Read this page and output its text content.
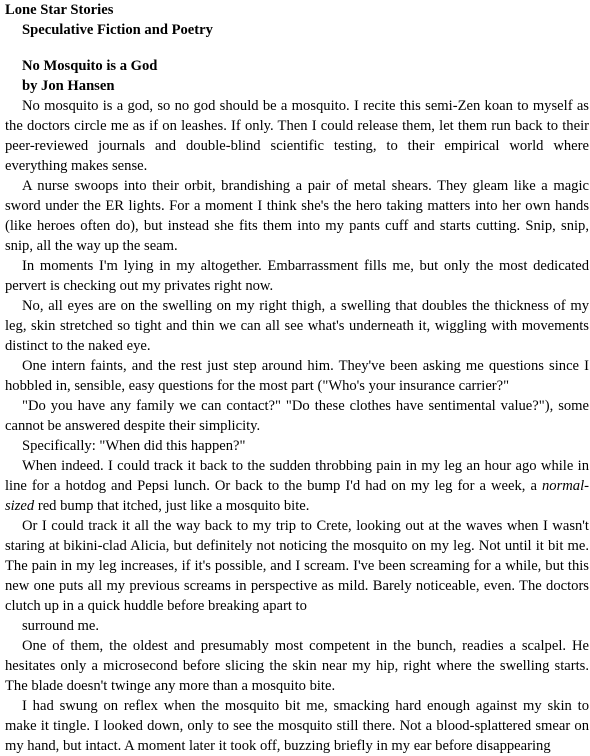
Lone Star Stories
Speculative Fiction and Poetry
No Mosquito is a God
by Jon Hansen

No mosquito is a god, so no god should be a mosquito. I recite this semi-Zen koan to myself as the doctors circle me as if on leashes. If only. Then I could release them, let them run back to their peer-reviewed journals and double-blind scientific testing, to their empirical world where everything makes sense.

A nurse swoops into their orbit, brandishing a pair of metal shears. They gleam like a magic sword under the ER lights. For a moment I think she's the hero taking matters into her own hands (like heroes often do), but instead she fits them into my pants cuff and starts cutting. Snip, snip, snip, all the way up the seam.

In moments I'm lying in my altogether. Embarrassment fills me, but only the most dedicated pervert is checking out my privates right now.

No, all eyes are on the swelling on my right thigh, a swelling that doubles the thickness of my leg, skin stretched so tight and thin we can all see what's underneath it, wiggling with movements distinct to the naked eye.

One intern faints, and the rest just step around him. They've been asking me questions since I hobbled in, sensible, easy questions for the most part ("Who's your insurance carrier?"

"Do you have any family we can contact?" "Do these clothes have sentimental value?"), some cannot be answered despite their simplicity.

Specifically: "When did this happen?"

When indeed. I could track it back to the sudden throbbing pain in my leg an hour ago while in line for a hotdog and Pepsi lunch. Or back to the bump I'd had on my leg for a week, a normal-sized red bump that itched, just like a mosquito bite.

Or I could track it all the way back to my trip to Crete, looking out at the waves when I wasn't staring at bikini-clad Alicia, but definitely not noticing the mosquito on my leg. Not until it bit me. The pain in my leg increases, if it's possible, and I scream. I've been screaming for a while, but this new one puts all my previous screams in perspective as mild. Barely noticeable, even. The doctors clutch up in a quick huddle before breaking apart to

surround me.

One of them, the oldest and presumably most competent in the bunch, readies a scalpel. He hesitates only a microsecond before slicing the skin near my hip, right where the swelling starts. The blade doesn't twinge any more than a mosquito bite.

I had swung on reflex when the mosquito bit me, smacking hard enough against my skin to make it tingle. I looked down, only to see the mosquito still there. Not a blood-splattered smear on my hand, but intact. A moment later it took off, buzzing briefly in my ear before disappearing
